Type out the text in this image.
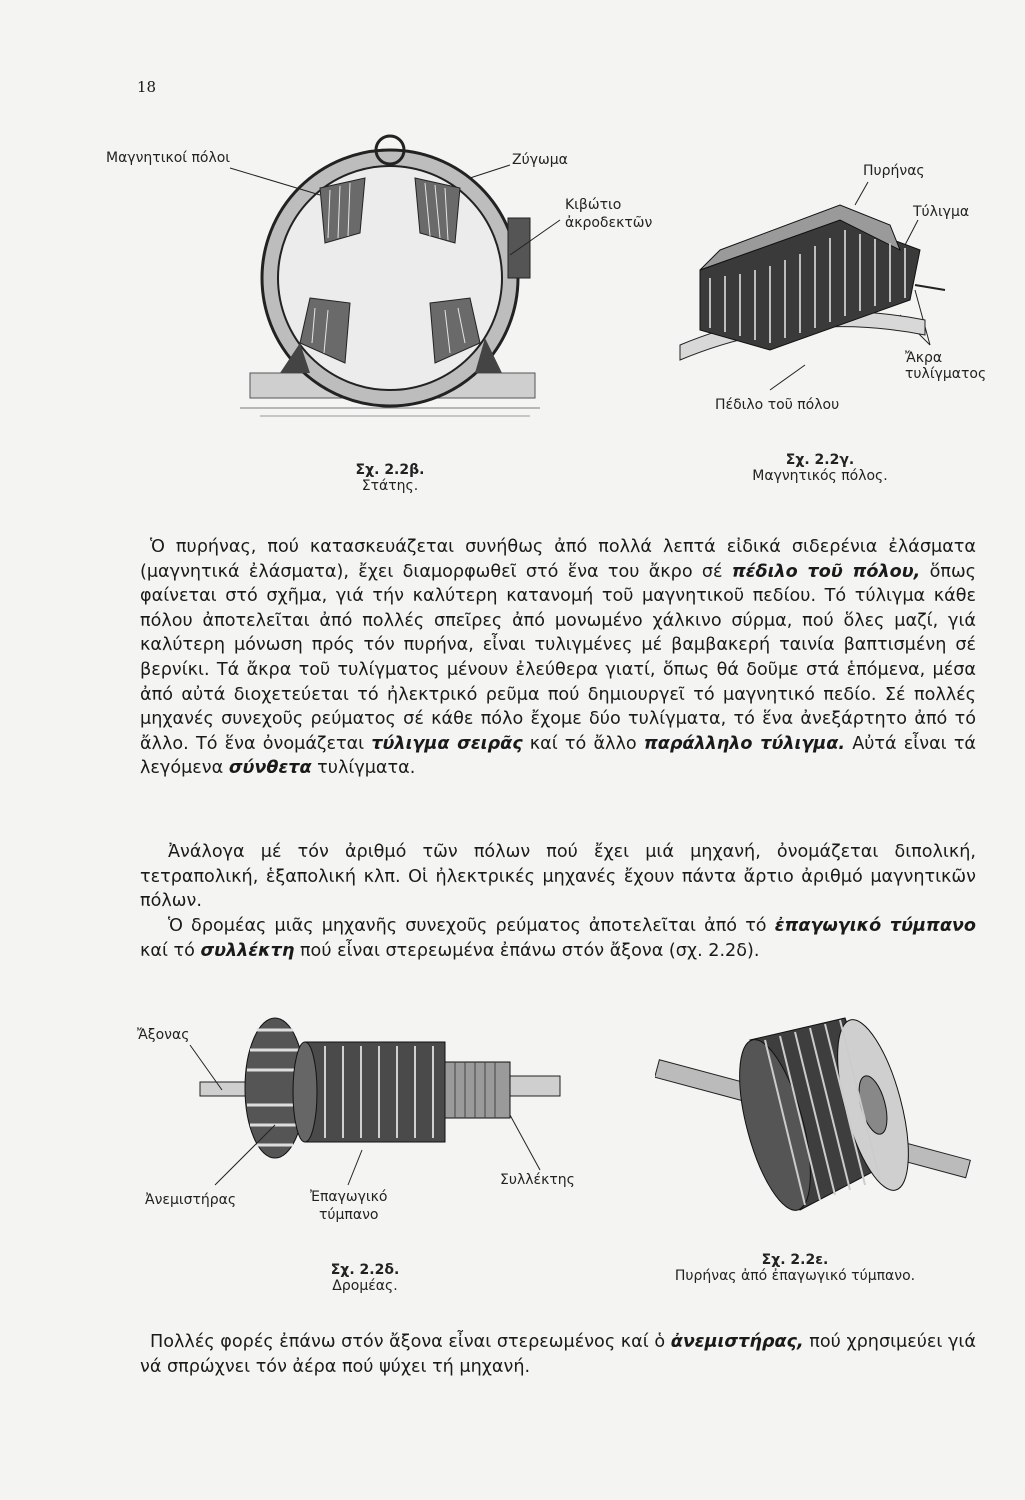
18
Μαγνητικοί πόλοι	Ζύγωμα
Κιβώτιο
ἀκροδεκτῶν
Σχ. 2.2β.
Στάτης.
Πυρήνας
Τύλιγμα
Ἄκρα
τυλίγματος
Πέδιλο τοῦ πόλου
Σχ. 2.2γ.
Μαγνητικός πόλος.
Ὁ πυρήνας, πού κατασκευάζεται συνήθως ἀπό πολλά λεπτά εἰδικά σιδερένια ἐλάσματα (μαγνητικά ἐλάσματα), ἔχει διαμορφωθεῖ στό ἕνα του ἄκρο σέ πέδιλο τοῦ πόλου, ὅπως φαίνεται στό σχῆμα, γιά τήν καλύτερη κατανομή τοῦ μαγνητικοῦ πεδίου. Τό τύλιγμα κάθε πόλου ἀποτελεῖται ἀπό πολλές σπεῖρες ἀπό μονωμένο χάλκινο σύρμα, πού ὅλες μαζί, γιά καλύτερη μόνωση πρός τόν πυρήνα, εἶναι τυλιγμένες μέ βαμβακερή ταινία βαπτισμένη σέ βερνίκι. Τά ἄκρα τοῦ τυλίγματος μένουν ἐλεύθερα γιατί, ὅπως θά δοῦμε στά ἑπόμενα, μέσα ἀπό αὐτά διοχετεύεται τό ἠλεκτρικό ρεῦμα πού δημιουργεῖ τό μαγνητικό πεδίο. Σέ πολλές μηχανές συνεχοῦς ρεύματος σέ κάθε πόλο ἔχομε δύο τυλίγματα, τό ἕνα ἀνεξάρτητο ἀπό τό ἄλλο. Τό ἕνα ὀνομάζεται τύλιγμα σειρᾶς καί τό ἄλλο παράλληλο τύλιγμα. Αὐτά εἶναι τά λεγόμενα σύνθετα τυλίγματα.
Ἀνάλογα μέ τόν ἀριθμό τῶν πόλων πού ἔχει μιά μηχανή, ὀνομάζεται διπολική, τετραπολική, ἑξαπολική κλπ. Οἱ ἠλεκτρικές μηχανές ἔχουν πάντα ἄρτιο ἀριθμό μαγνητικῶν πόλων.
Ὁ δρομέας μιᾶς μηχανῆς συνεχοῦς ρεύματος ἀποτελεῖται ἀπό τό ἐπαγωγικό τύμπανο καί τό συλλέκτη πού εἶναι στερεωμένα ἐπάνω στόν ἄξονα (σχ. 2.2δ).
Ἄξονας
Ἀνεμιστήρας	Ἐπαγωγικό
τύμπανο
Συλλέκτης
Σχ. 2.2δ.
Δρομέας.
Σχ. 2.2ε.
Πυρήνας ἀπό ἐπαγωγικό τύμπανο.
Πολλές φορές ἐπάνω στόν ἄξονα εἶναι στερεωμένος καί ὁ ἀνεμιστήρας, πού χρησιμεύει γιά νά σπρώχνει τόν ἀέρα πού ψύχει τή μηχανή.
